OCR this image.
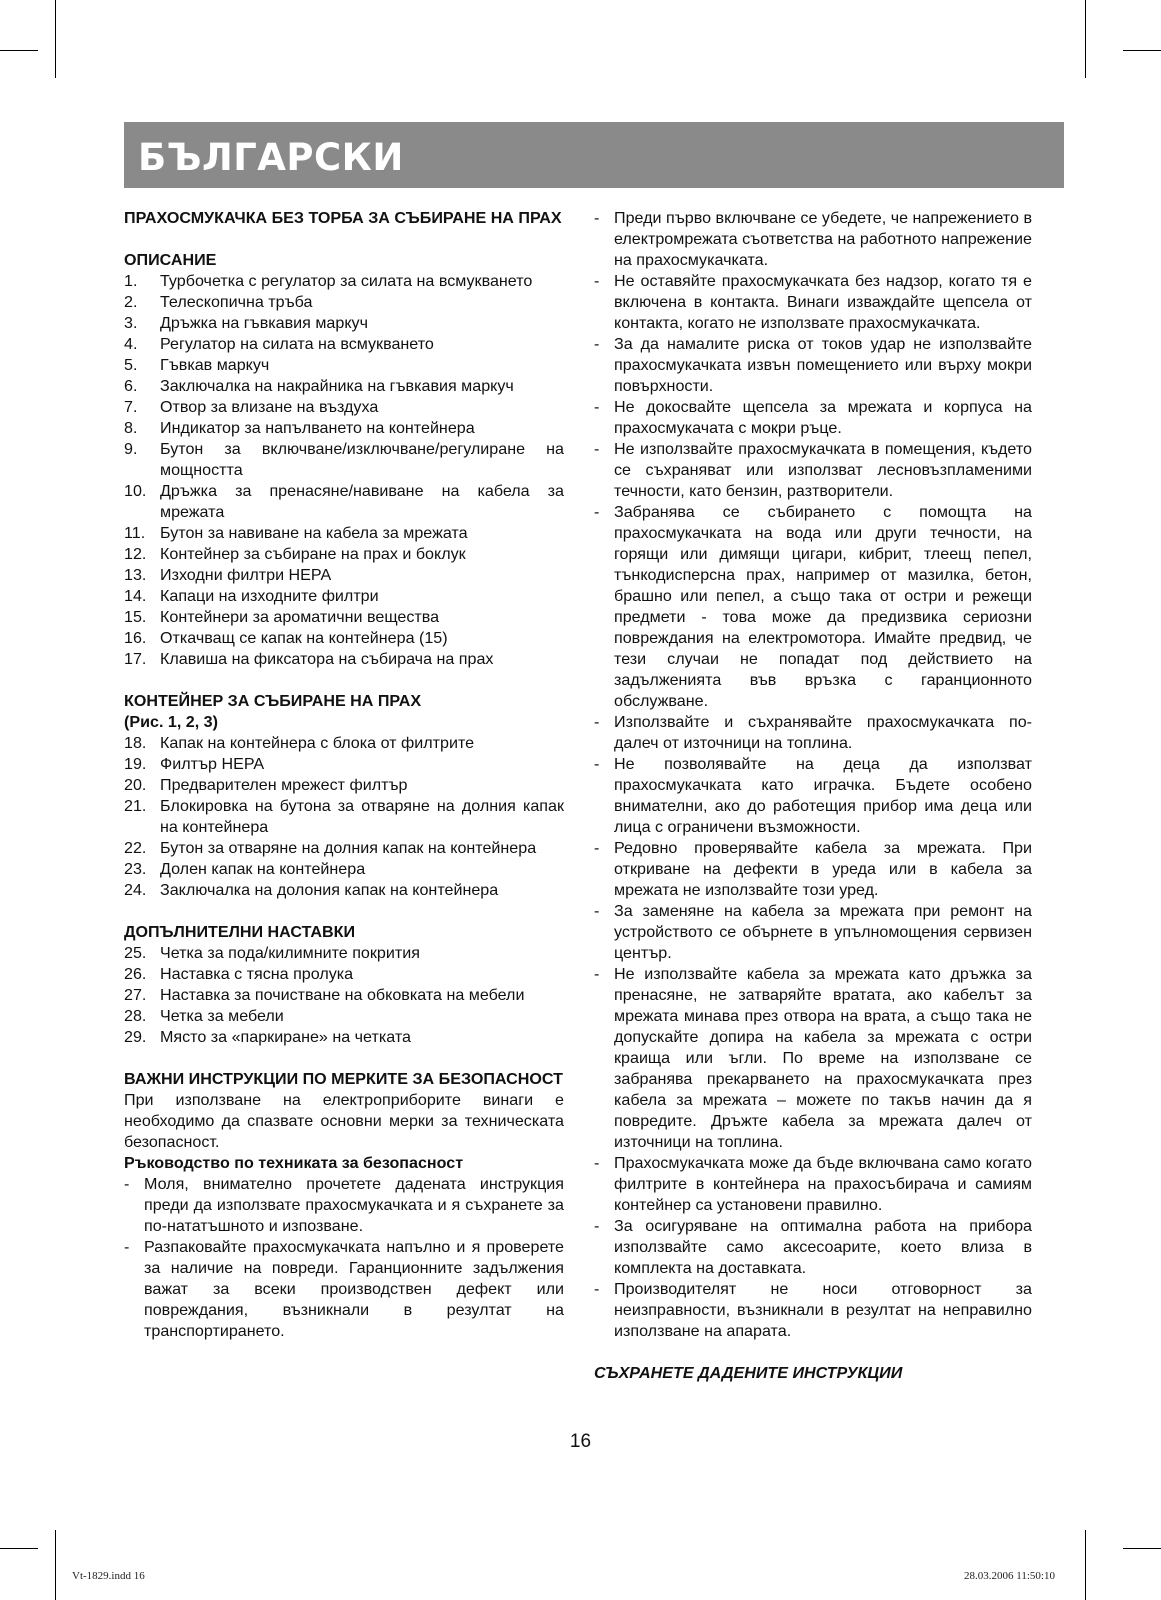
БЪЛГАРСКИ

ПРАХОСМУКАЧКА БЕЗ ТОРБА ЗА СЪБИРАНЕ НА ПРАХ

ОПИСАНИЕ

1.	Турбочетка с регулатор за силата на всмукването
2.	Телескопична тръба
3.	Дръжка на гъвкавия маркуч
4.	Регулатор на силата на всмукването
5.	Гъвкав маркуч
6.	Заключалка на накрайника на гъвкавия маркуч
7.	Отвор за влизане на въздуха
8.	Индикатор за напълването на контейнера
9.	Бутон за включване/изключване/регулиране на мощността
10. Дръжка за пренасяне/навиване на кабела за мрежата
11. Бутон за навиване на кабела за мрежата
12. Контейнер за събиране на прах и боклук
13. Изходни филтри HEPA
14. Капаци на изходните филтри
15. Контейнери за ароматични вещества
16. Откачващ се капак на контейнера (15)
17. Клавиша на фиксатора на събирача на прах

КОНТЕЙНЕР ЗА СЪБИРАНЕ НА ПРАХ

(Рис. 1, 2, 3)

18. Капак на контейнера с блока от филтрите
19. Филтър HEPA
20. Предварителен мрежест филтър
21. Блокировка на бутона за отваряне на долния капак на контейнера
22. Бутон за отваряне на долния капак на контейнера
23. Долен капак на контейнера
24. Заключалка на долония капак на контейнера

ДОПЪЛНИТЕЛНИ НАСТАВКИ

25. Четка за пода/килимните покрития
26. Наставка с тясна пролука
27. Наставка за почистване на обковката на мебели
28. Четка за мебели
29. Място за «паркиране» на четката

ВАЖНИ ИНСТРУКЦИИ ПО МЕРКИТЕ ЗА БЕЗОПАСНОСТ

При използване на електроприборите винаги е необходимо да спазвате основни мерки за техническата безопасност.

Ръководство по техниката за безопасност

- Моля, внимателно прочетете дадената инструкция преди да използвате прахосмукачката и я съхранете за по-нататъшното и изпозване.
- Разпаковайте прахосмукачката напълно и я проверете за наличие на повреди. Гаранционните задължения важат за всеки производствен дефект или повреждания, възникнали в резултат на транспортирането.
- Преди първо включване се убедете, че напрежението в електромрежата съответства на работното напрежение на прахосмукачката.
- Не оставяйте прахосмукачката без надзор, когато тя е включена в контакта. Винаги изваждайте щепсела от контакта, когато не използвате прахосмукачката.
- За да намалите риска от токов удар не използвайте прахосмукачката извън помещението или върху мокри повърхности.
- Не докосвайте щепсела за мрежата и корпуса на прахосмукачата с мокри ръце.
- Не използвайте прахосмукачката в помещения, където се съхраняват или използват лесновъзпламеними течности, като бензин, разтворители.
- Забранява се събирането с помощта на прахосмукачката на вода или други течности, на горящи или димящи цигари, кибрит, тлеещ пепел, тънкодисперсна прах, например от мазилка, бетон, брашно или пепел, а също така от остри и режещи предмети - това може да предизвика сериозни повреждания на електромотора. Имайте предвид, че тези случаи не попадат под действието на задълженията във връзка с гаранционното обслужване.
- Използвайте и съхранявайте прахосмукачката по-далеч от източници на топлина.
- Не позволявайте на деца да използват прахосмукачката като играчка. Бъдете особено внимателни, ако до работещия прибор има деца или лица с ограничени възможности.
- Редовно проверявайте кабела за мрежата. При откриване на дефекти в уреда или в кабела за мрежата не използвайте този уред.
- За заменяне на кабела за мрежата при ремонт на устройството се обърнете в упълномощения сервизен център.
- Не използвайте кабела за мрежата като дръжка за пренасяне, не затваряйте вратата, ако кабелът за мрежата минава през отвора на врата, а също така не допускайте допира на кабела за мрежата с остри краища или ъгли. По време на използване се забранява прекарването на прахосмукачката през кабела за мрежата – можете по такъв начин да я повредите. Дръжте кабела за мрежата далеч от източници на топлина.
- Прахосмукачката може да бъде включвана само когато филтрите в контейнера на прахосъбирача и самиям контейнер са установени правилно.
- За осигуряване на оптимална работа на прибора използвайте само аксесоарите, което влиза в комплекта на доставката.
- Производителят не носи отговорност за неизправности, възникнали в резултат на неправилно използване на апарата.

СЪХРАНЕТЕ ДАДЕНИТЕ ИНСТРУКЦИИ

16
Vt-1829.indd 16	28.03.2006 11:50:10
